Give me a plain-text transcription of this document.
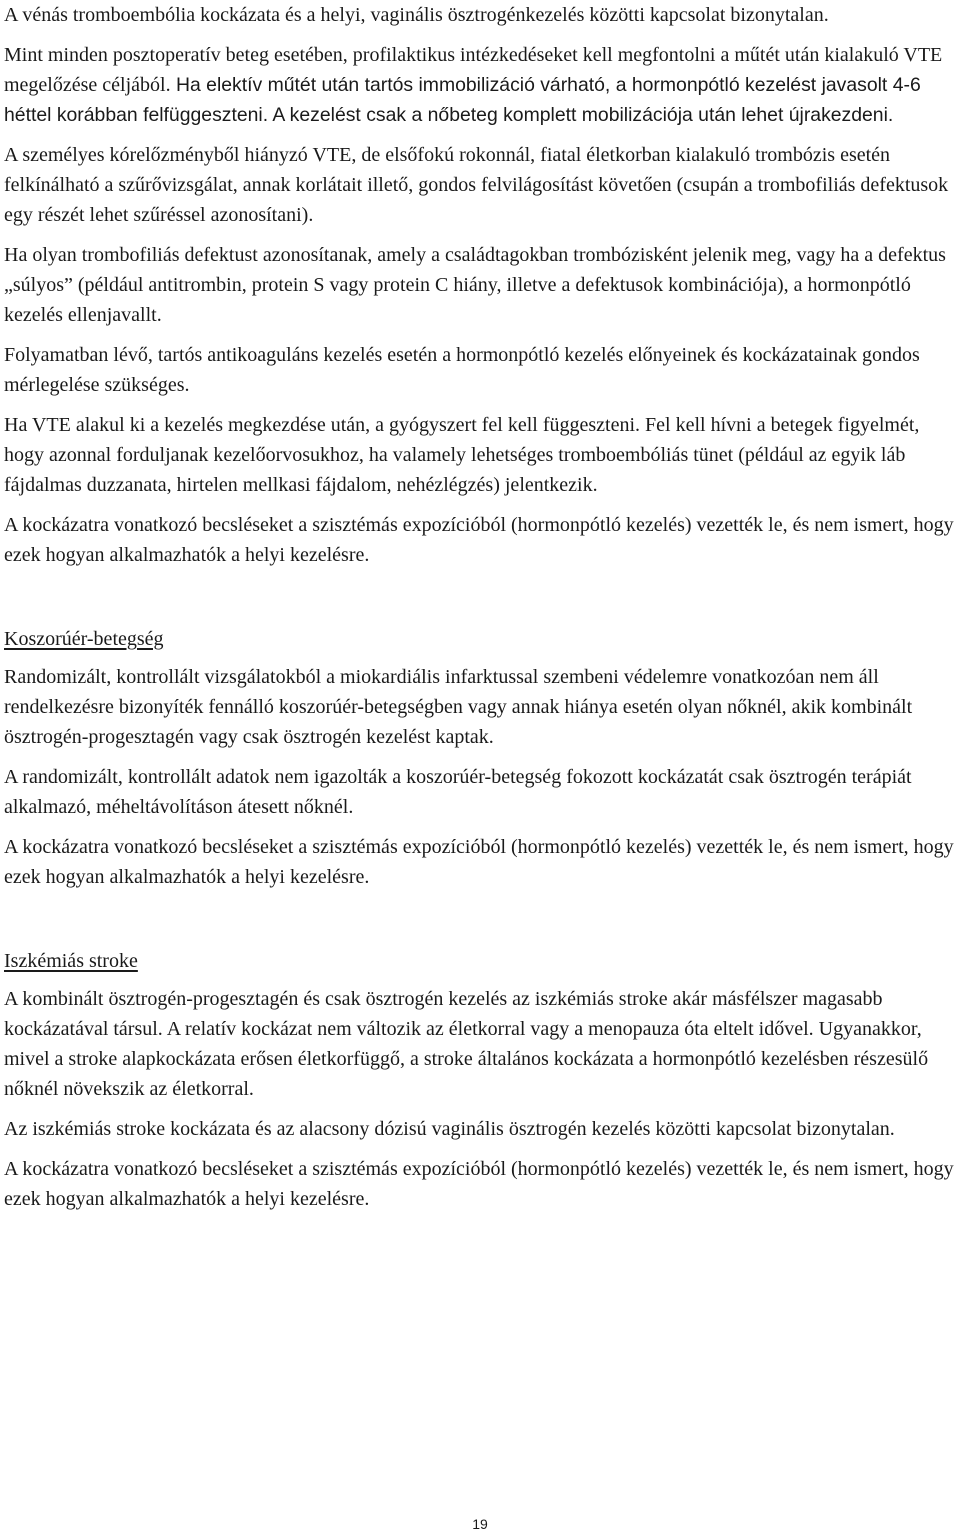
A vénás tromboembólia kockázata és a helyi, vaginális ösztrogénkezelés közötti kapcsolat bizonytalan.

Mint minden posztoperatív beteg esetében, profilaktikus intézkedéseket kell megfontolni a műtét után kialakuló VTE megelőzése céljából. Ha elektív műtét után tartós immobilizáció várható, a hormonpótló kezelést javasolt 4-6 héttel korábban felfüggeszteni. A kezelést csak a nőbeteg komplett mobilizációja után lehet újrakezdeni.

A személyes kórelőzményből hiányzó VTE, de elsőfokú rokonnál, fiatal életkorban kialakuló trombózis esetén felkínálható a szűrővizsgálat, annak korlátait illető, gondos felvilágosítást követően (csupán a trombofiliás defektusok egy részét lehet szűréssel azonosítani).

Ha olyan trombofiliás defektust azonosítanak, amely a családtagokban trombózisként jelenik meg, vagy ha a defektus „súlyos” (például antitrombin, protein S vagy protein C hiány, illetve a defektusok kombinációja), a hormonpótló kezelés ellenjavallt.

Folyamatban lévő, tartós antikoaguláns kezelés esetén a hormonpótló kezelés előnyeinek és kockázatainak gondos mérlegelése szükséges.

Ha VTE alakul ki a kezelés megkezdése után, a gyógyszert fel kell függeszteni. Fel kell hívni a betegek figyelmét, hogy azonnal forduljanak kezelőorvosukhoz, ha valamely lehetséges tromboembóliás tünet (például az egyik láb fájdalmas duzzanata, hirtelen mellkasi fájdalom, nehézlégzés) jelentkezik.

A kockázatra vonatkozó becsléseket a szisztémás expozícióból (hormonpótló kezelés) vezették le, és nem ismert, hogy ezek hogyan alkalmazhatók a helyi kezelésre.

Koszorúér-betegség

Randomizált, kontrollált vizsgálatokból a miokardiális infarktussal szembeni védelemre vonatkozóan nem áll rendelkezésre bizonyíték fennálló koszorúér-betegségben vagy annak hiánya esetén olyan nőknél, akik kombinált ösztrogén-progesztagén vagy csak ösztrogén kezelést kaptak.

A randomizált, kontrollált adatok nem igazolták a koszorúér-betegség fokozott kockázatát csak ösztrogén terápiát alkalmazó, méheltávolításon átesett nőknél.

A kockázatra vonatkozó becsléseket a szisztémás expozícióból (hormonpótló kezelés) vezették le, és nem ismert, hogy ezek hogyan alkalmazhatók a helyi kezelésre.

Iszkémiás stroke

A kombinált ösztrogén-progesztagén és csak ösztrogén kezelés az iszkémiás stroke akár másfélszer magasabb kockázatával társul. A relatív kockázat nem változik az életkorral vagy a menopauza óta eltelt idővel. Ugyanakkor, mivel a stroke alapkockázata erősen életkorfüggő, a stroke általános kockázata a hormonpótló kezelésben részesülő nőknél növekszik az életkorral.

Az iszkémiás stroke kockázata és az alacsony dózisú vaginális ösztrogén kezelés közötti kapcsolat bizonytalan.

A kockázatra vonatkozó becsléseket a szisztémás expozícióból (hormonpótló kezelés) vezették le, és nem ismert, hogy ezek hogyan alkalmazhatók a helyi kezelésre.

19
